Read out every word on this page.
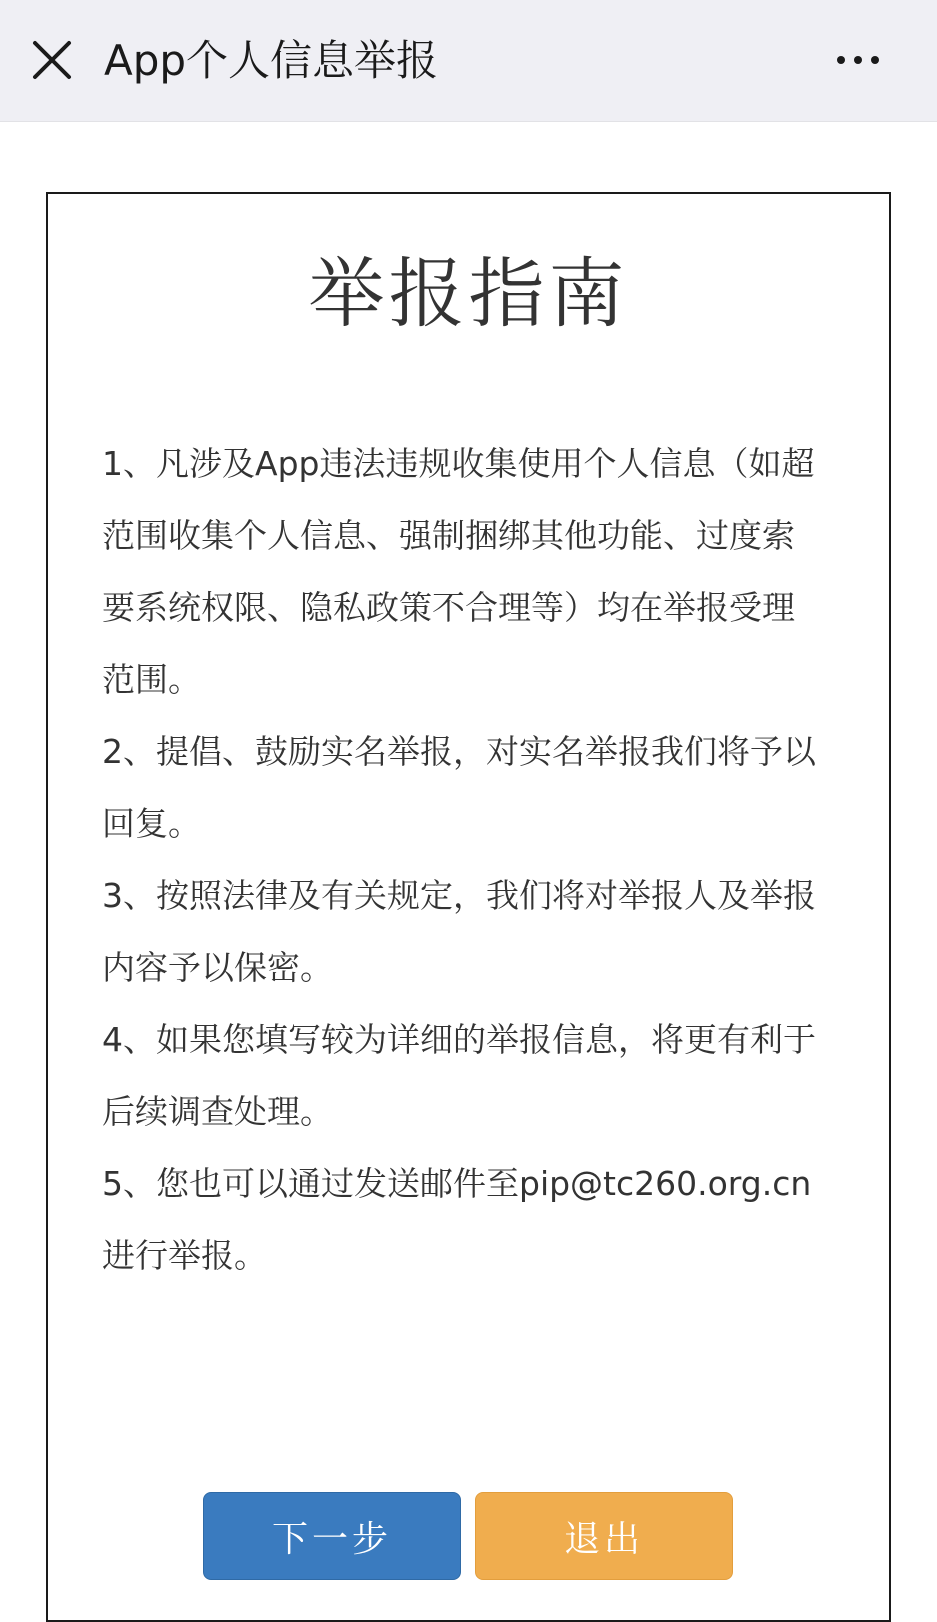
App个人信息举报
举报指南
1、凡涉及App违法违规收集使用个人信息（如超范围收集个人信息、强制捆绑其他功能、过度索要系统权限、隐私政策不合理等）均在举报受理范围。
2、提倡、鼓励实名举报，对实名举报我们将予以回复。
3、按照法律及有关规定，我们将对举报人及举报内容予以保密。
4、如果您填写较为详细的举报信息，将更有利于后续调查处理。
5、您也可以通过发送邮件至pip@tc260.org.cn进行举报。
下一步	退出
